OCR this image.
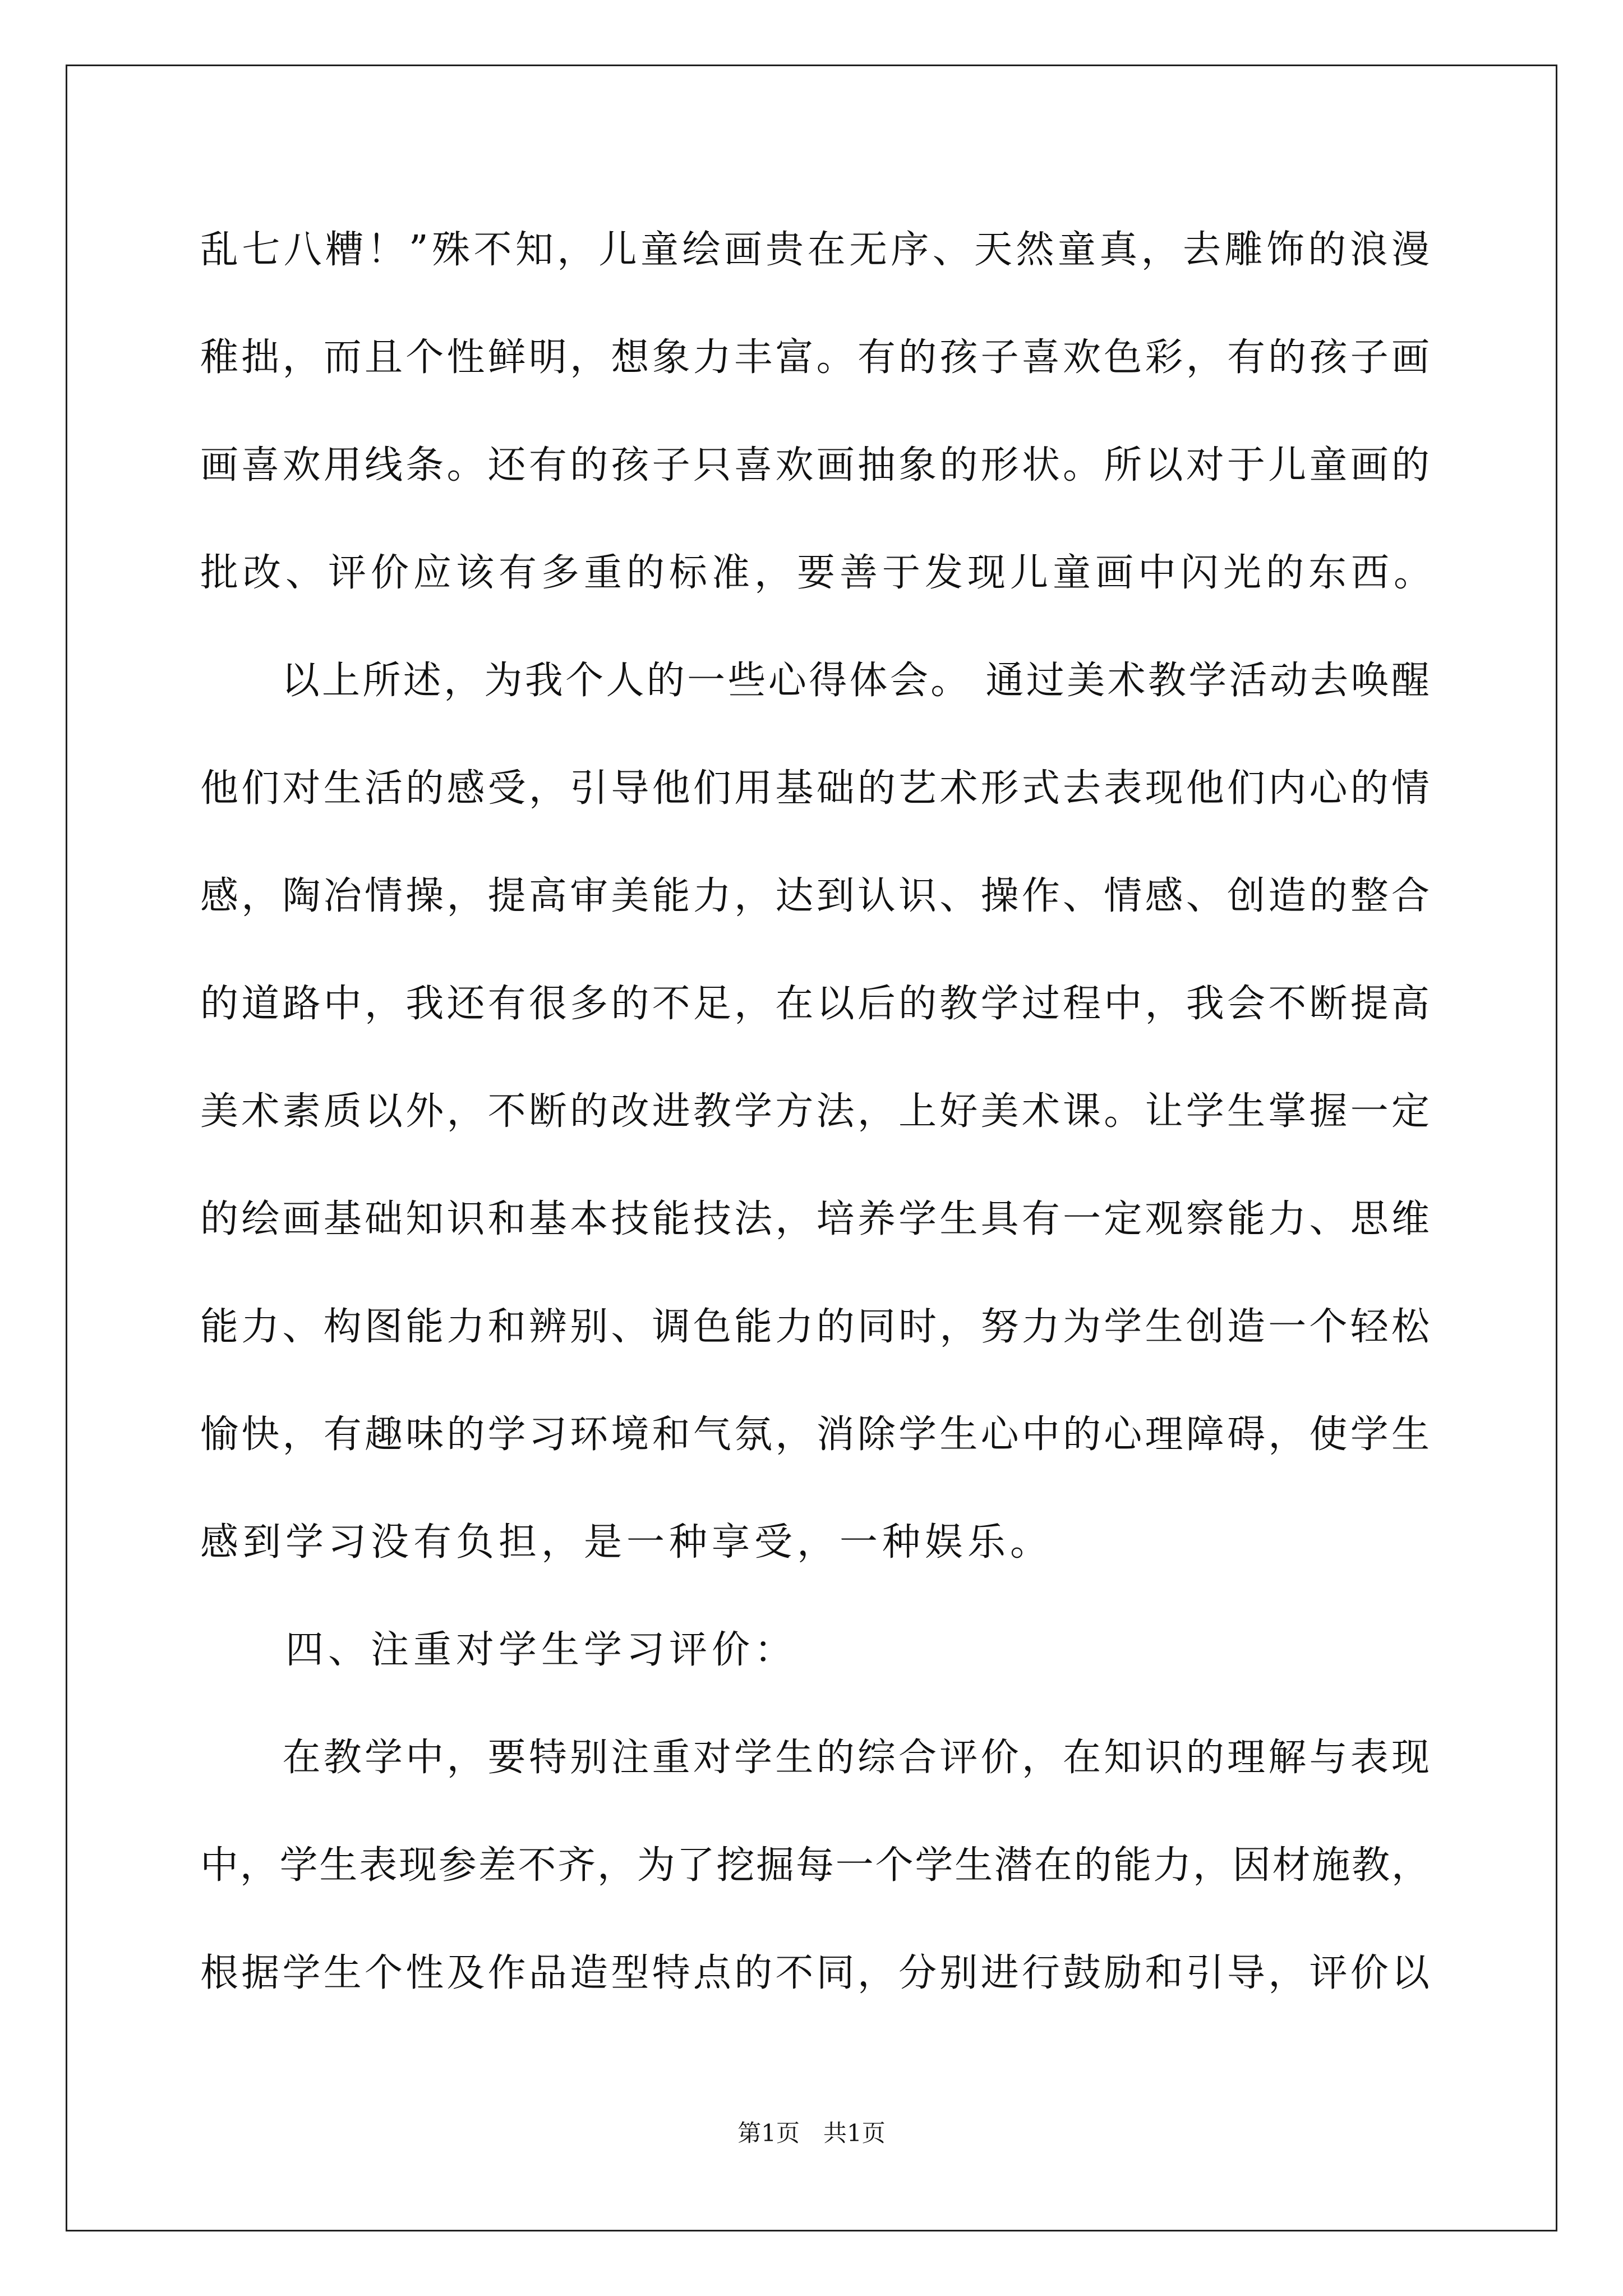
乱七八糟！”殊不知，儿童绘画贵在无序、天然童真，去雕饰的浪漫
稚拙，而且个性鲜明，想象力丰富。有的孩子喜欢色彩，有的孩子画
画喜欢用线条。还有的孩子只喜欢画抽象的形状。所以对于儿童画的
批改、评价应该有多重的标准，要善于发现儿童画中闪光的东西。
　　以上所述，为我个人的一些心得体会。 通过美术教学活动去唤醒
他们对生活的感受，引导他们用基础的艺术形式去表现他们内心的情
感，陶冶情操，提高审美能力，达到认识、操作、情感、创造的整合
的道路中，我还有很多的不足，在以后的教学过程中，我会不断提高
美术素质以外，不断的改进教学方法，上好美术课。让学生掌握一定
的绘画基础知识和基本技能技法，培养学生具有一定观察能力、思维
能力、构图能力和辨别、调色能力的同时，努力为学生创造一个轻松
愉快，有趣味的学习环境和气氛，消除学生心中的心理障碍，使学生
感到学习没有负担，是一种享受，一种娱乐。
　　四、注重对学生学习评价：
　　在教学中，要特别注重对学生的综合评价，在知识的理解与表现
中，学生表现参差不齐，为了挖掘每一个学生潜在的能力，因材施教，
根据学生个性及作品造型特点的不同，分别进行鼓励和引导，评价以
第1页　共1页
